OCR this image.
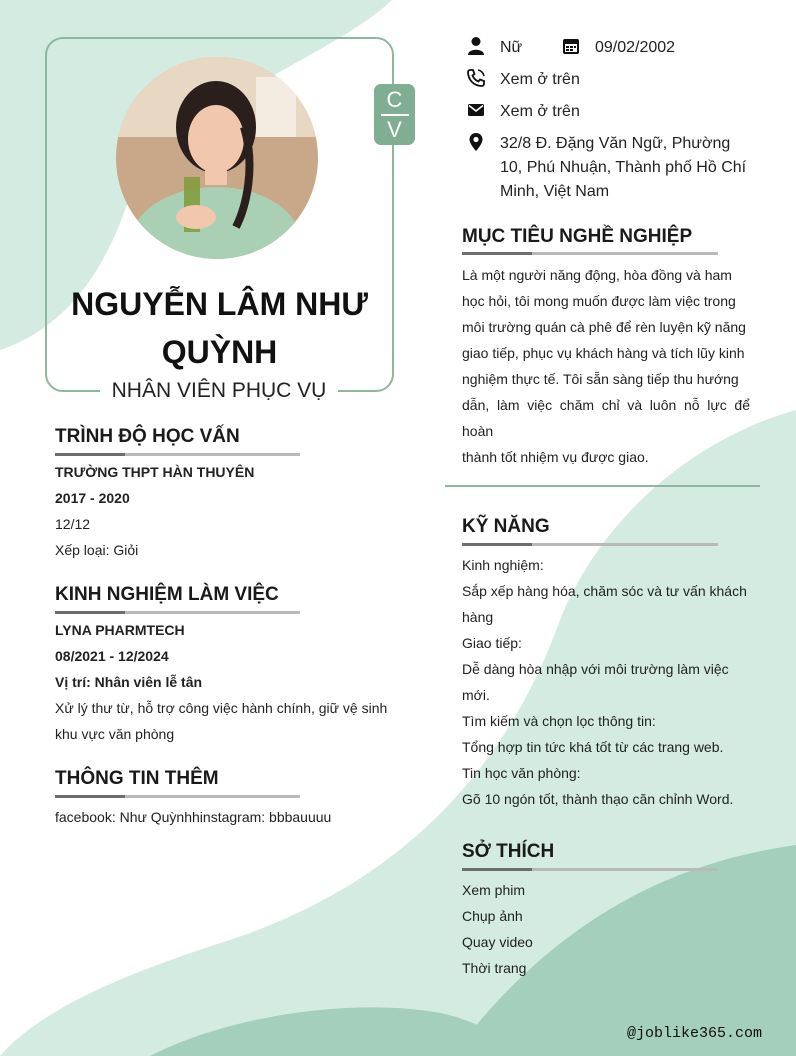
C
V
NGUYỄN LÂM NHƯ
QUỲNH
NHÂN VIÊN PHỤC VỤ
Nữ	09/02/2002
Xem ở trên
Xem ở trên
32/8 Đ. Đặng Văn Ngữ, Phường
10, Phú Nhuận, Thành phố Hồ Chí
Minh, Việt Nam
MỤC TIÊU NGHỀ NGHIỆP
Là một người năng động, hòa đồng và ham
học hỏi, tôi mong muốn được làm việc trong
môi trường quán cà phê để rèn luyện kỹ năng
giao tiếp, phục vụ khách hàng và tích lũy kinh
nghiệm thực tế. Tôi sẵn sàng tiếp thu hướng
dẫn, làm việc chăm chỉ và luôn nỗ lực để hoàn
thành tốt nhiệm vụ được giao.
TRÌNH ĐỘ HỌC VẤN
TRƯỜNG THPT HÀN THUYÊN
2017 - 2020
12/12
Xếp loại: Giỏi
KINH NGHIỆM LÀM VIỆC
LYNA PHARMTECH
08/2021 - 12/2024
Vị trí: Nhân viên lễ tân
Xử lý thư từ, hỗ trợ công việc hành chính, giữ vệ sinh
khu vực văn phòng
THÔNG TIN THÊM
facebook: Như Quỳnhhinstagram: bbbauuuu
KỸ NĂNG
Kinh nghiệm:
Sắp xếp hàng hóa, chăm sóc và tư vấn khách
hàng
Giao tiếp:
Dễ dàng hòa nhập với môi trường làm việc
mới.
Tìm kiếm và chọn lọc thông tin:
Tổng hợp tin tức khá tốt từ các trang web.
Tin học văn phòng:
Gõ 10 ngón tốt, thành thạo căn chỉnh Word.
SỞ THÍCH
Xem phim
Chụp ảnh
Quay video
Thời trang
@joblike365.com
